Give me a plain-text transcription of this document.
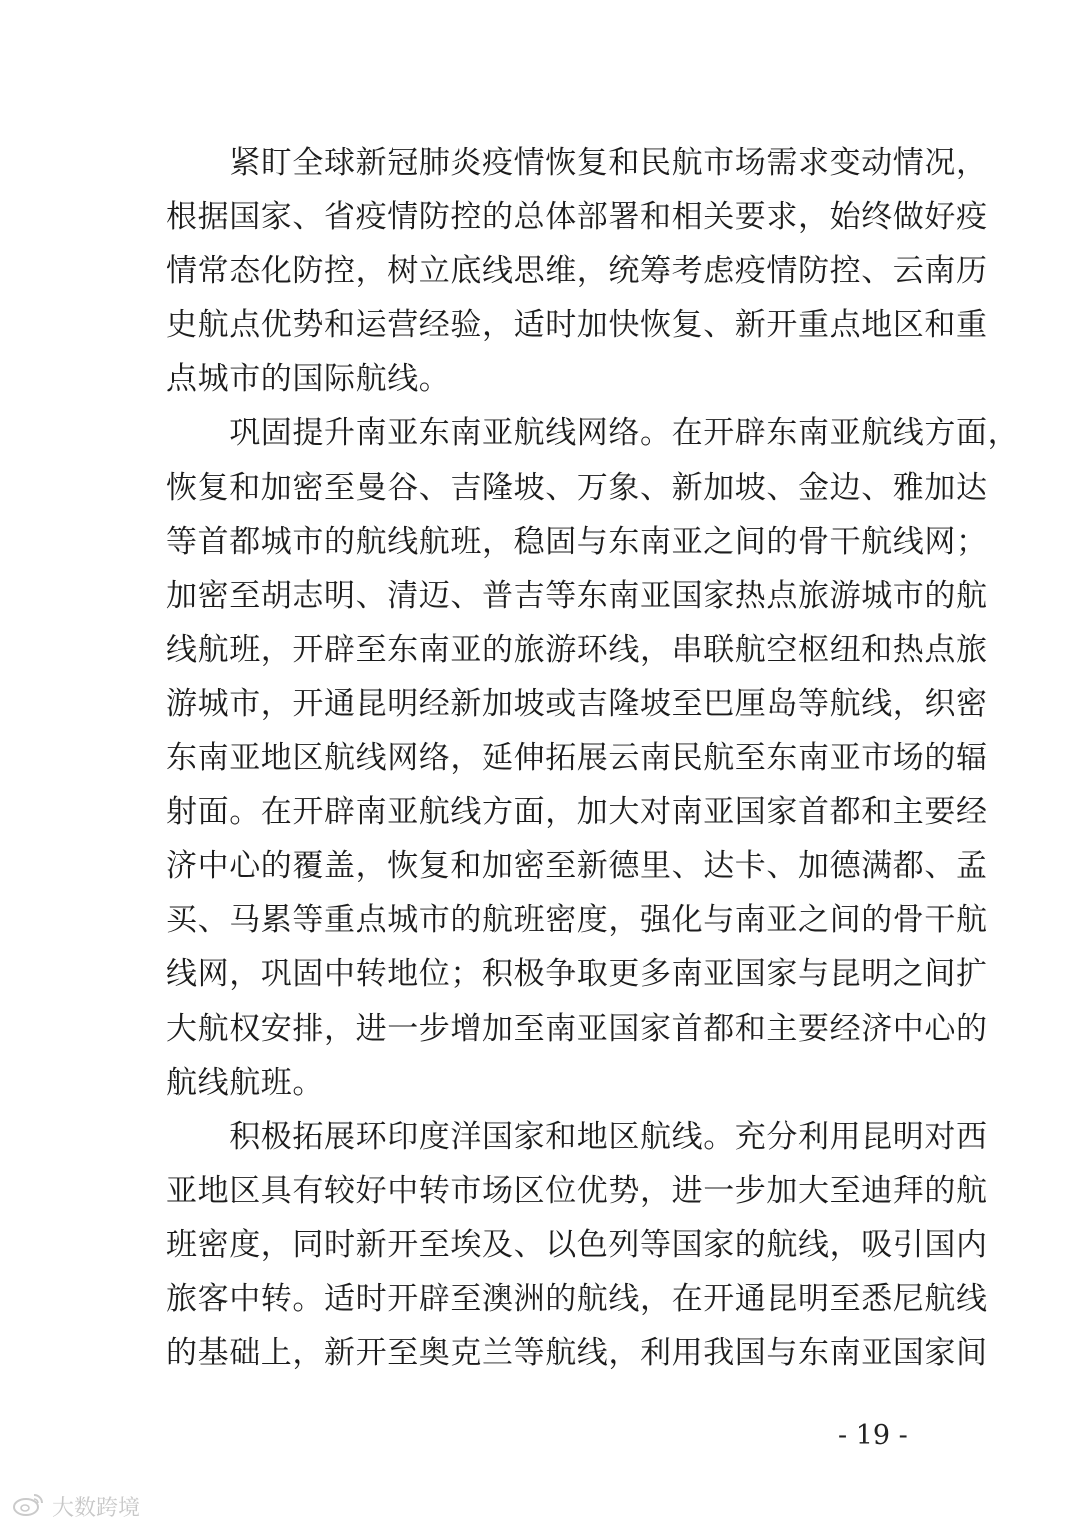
　　紧盯全球新冠肺炎疫情恢复和民航市场需求变动情况，
根据国家、省疫情防控的总体部署和相关要求，始终做好疫
情常态化防控，树立底线思维，统筹考虑疫情防控、云南历
史航点优势和运营经验，适时加快恢复、新开重点地区和重
点城市的国际航线。
　　巩固提升南亚东南亚航线网络。在开辟东南亚航线方面，
恢复和加密至曼谷、吉隆坡、万象、新加坡、金边、雅加达
等首都城市的航线航班，稳固与东南亚之间的骨干航线网；
加密至胡志明、清迈、普吉等东南亚国家热点旅游城市的航
线航班，开辟至东南亚的旅游环线，串联航空枢纽和热点旅
游城市，开通昆明经新加坡或吉隆坡至巴厘岛等航线，织密
东南亚地区航线网络，延伸拓展云南民航至东南亚市场的辐
射面。在开辟南亚航线方面，加大对南亚国家首都和主要经
济中心的覆盖，恢复和加密至新德里、达卡、加德满都、孟
买、马累等重点城市的航班密度，强化与南亚之间的骨干航
线网，巩固中转地位；积极争取更多南亚国家与昆明之间扩
大航权安排，进一步增加至南亚国家首都和主要经济中心的
航线航班。
　　积极拓展环印度洋国家和地区航线。充分利用昆明对西
亚地区具有较好中转市场区位优势，进一步加大至迪拜的航
班密度，同时新开至埃及、以色列等国家的航线，吸引国内
旅客中转。适时开辟至澳洲的航线，在开通昆明至悉尼航线
的基础上，新开至奥克兰等航线，利用我国与东南亚国家间
- 19 -
大数跨境
